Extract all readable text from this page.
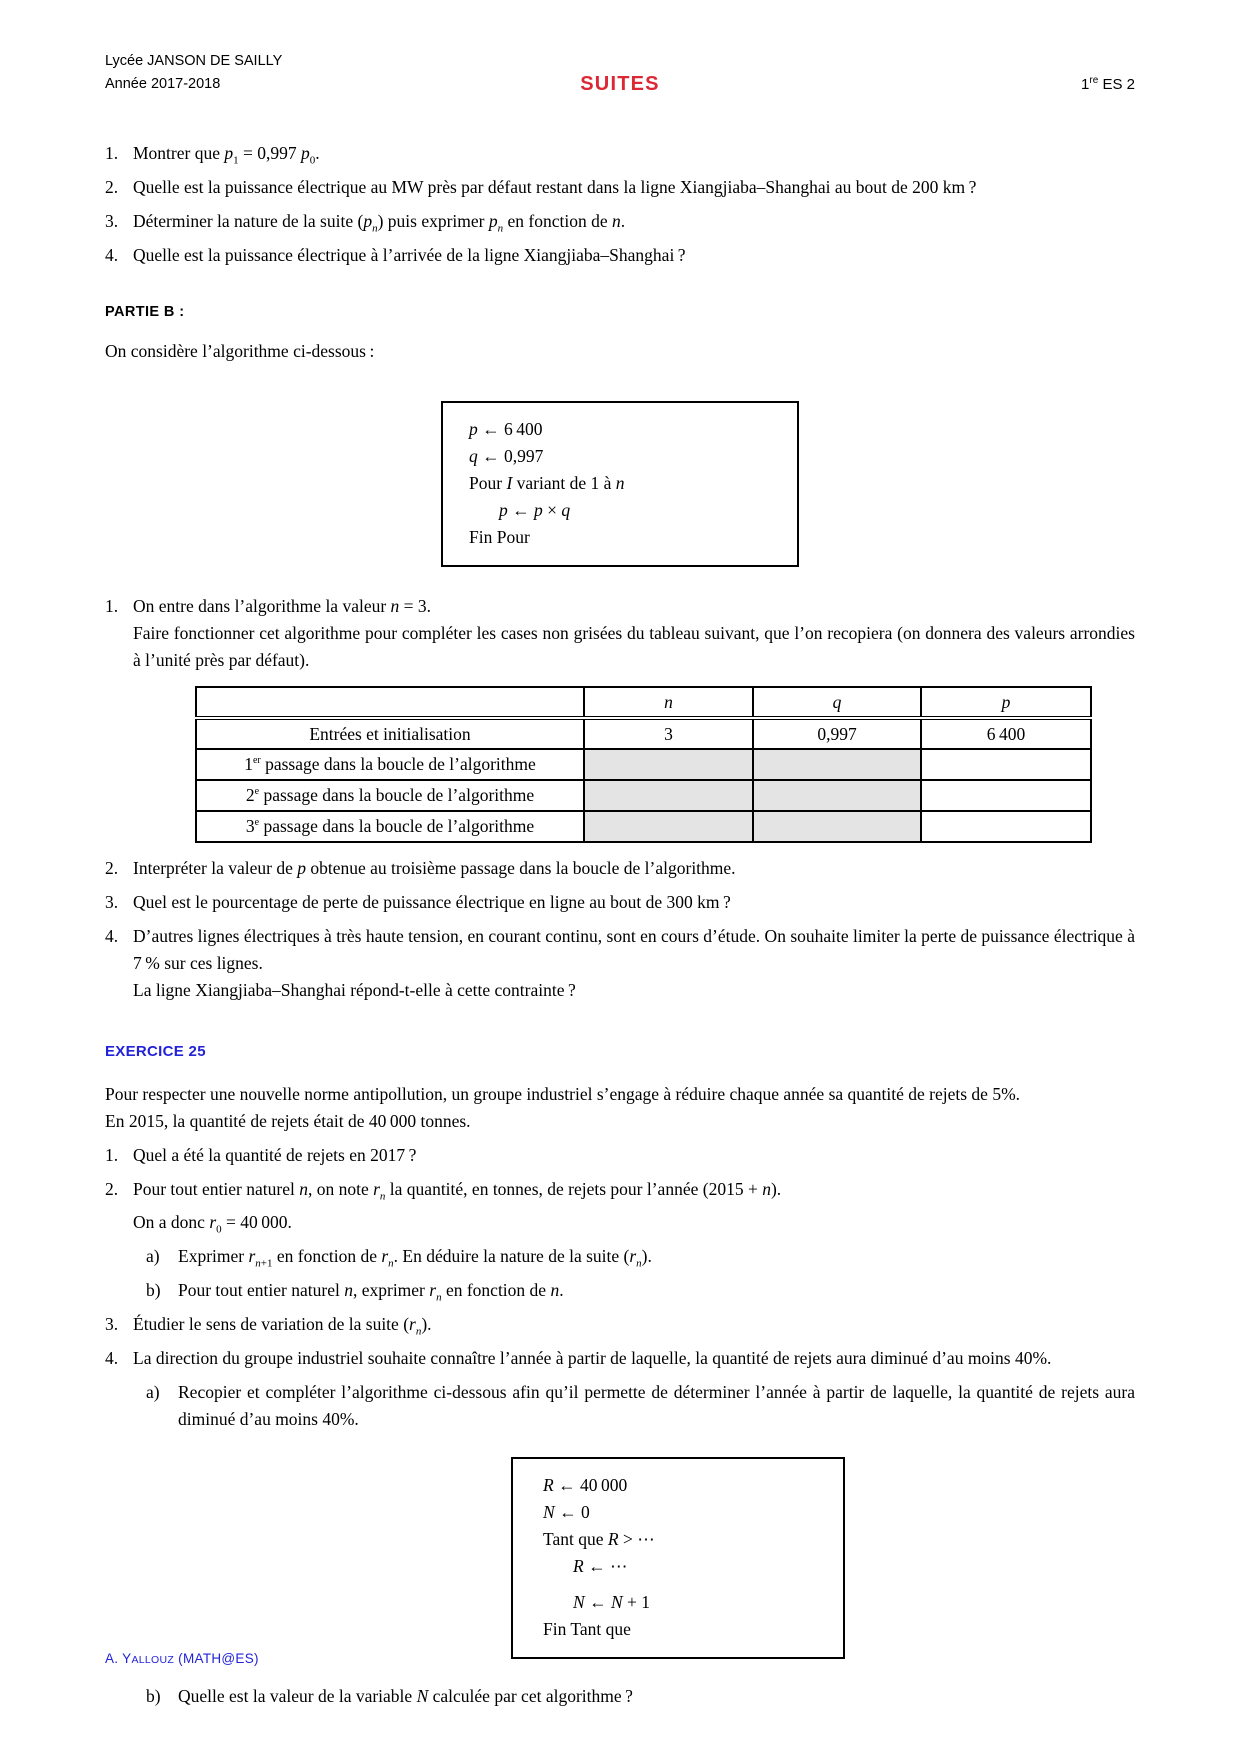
Lycée JANSON DE SAILLY
Année 2017-2018	SUITES	1re ES 2
1. Montrer que $p_1 = 0,997$ $p_0$.
2. Quelle est la puissance électrique au MW près par défaut restant dans la ligne Xiangjiaba–Shanghai au bout de 200 km ?
3. Déterminer la nature de la suite $(p_n)$ puis exprimer $p_n$ en fonction de n.
4. Quelle est la puissance électrique à l’arrivée de la ligne Xiangjiaba–Shanghai ?
PARTIE B :
On considère l’algorithme ci-dessous :
p ← 6 400
q ← 0,997
Pour I variant de 1 à n
p ← p × q
Fin Pour
1. On entre dans l’algorithme la valeur n = 3.
Faire fonctionner cet algorithme pour compléter les cases non grisées du tableau suivant, que l’on recopiera (on donnera des valeurs arrondies à l’unité près par défaut).
	n	q	p
Entrées et initialisation	3	0,997	6 400
1er passage dans la boucle de l’algorithme			
2e passage dans la boucle de l’algorithme			
3e passage dans la boucle de l’algorithme			
2. Interpréter la valeur de p obtenue au troisième passage dans la boucle de l’algorithme.
3. Quel est le pourcentage de perte de puissance électrique en ligne au bout de 300 km ?
4. D’autres lignes électriques à très haute tension, en courant continu, sont en cours d’étude. On souhaite limiter la perte de puissance électrique à 7 % sur ces lignes.
La ligne Xiangjiaba–Shanghai répond-t-elle à cette contrainte ?
EXERCICE 25
Pour respecter une nouvelle norme antipollution, un groupe industriel s’engage à réduire chaque année sa quantité de rejets de 5%.
En 2015, la quantité de rejets était de 40 000 tonnes.
1. Quel a été la quantité de rejets en 2017 ?
2. Pour tout entier naturel n, on note $r_n$ la quantité, en tonnes, de rejets pour l’année (2015 + n).
On a donc $r_0 = 40$ 000.
a)	Exprimer $r_{n+1}$ en fonction de $r_n$. En déduire la nature de la suite $(r_n)$.
b) Pour tout entier naturel n, exprimer $r_n$ en fonction de n.
3. Étudier le sens de variation de la suite $(r_n)$.
4. La direction du groupe industriel souhaite connaître l’année à partir de laquelle, la quantité de rejets aura diminué d’au moins 40%.
a)	Recopier et compléter l’algorithme ci-dessous afin qu’il permette de déterminer l’année à partir de laquelle, la quantité de rejets aura diminué d’au moins 40%.
R ← 40 000
N ← 0
Tant que R > ⋯
R ← ⋯
N ← N + 1
Fin Tant que
b) Quelle est la valeur de la variable N calculée par cet algorithme ?
A. YALLOUZ (MATH@ES)
